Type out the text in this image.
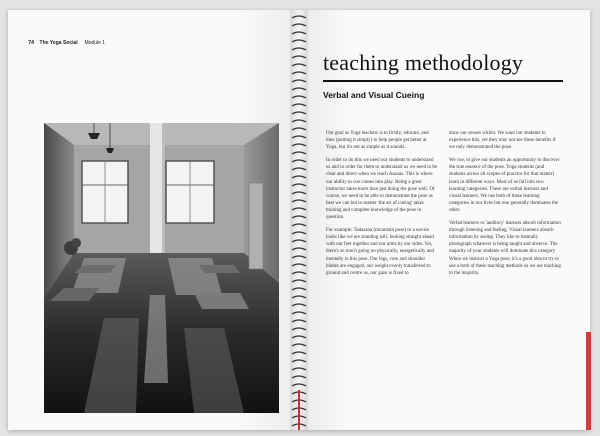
74 The Yoga Social Module 1
teaching methodology
Verbal and Visual Cueing

Our goal as Yoga teachers is to firstly; educate, and then (putting it simply) to help people get better at Yoga, but it's not as simple as it sounds.

In order to do this we need our students to understand us and in order for them to understand us we need to be clear and direct when we teach Asanas. This is where our ability to cue comes into play. Being a great instructor takes more than just doing the pose well. Of course, we need to be able to demonstrate the pose as best we can but to master 'the art of cueing' takes training and complete knowledge of the pose in question.

For example: Tadasana (mountain pose) to a novice looks like we are standing still, looking straight ahead with our feet together and our arms by our sides. Yet, there's so much going on physically, energetically and mentally in this pose. Our legs, core and shoulder blades are engaged, our weight evenly transferred to ground and centre us, our gaze is fixed to

draw our senses within. We want our students to experience this, yet they may not see these benefits if we only demonstrated the pose.

We cue, to give our students an opportunity to discover the true essence of the pose. Yoga students (and students across all scopes of practice for that matter) learn in different ways. Most of us fall into two learning categories. These are verbal learners and visual learners. We use both of these learning categories in our lives but one generally dominates the other.

Verbal learners or 'auditory' learners absorb information through listening and feeling. Visual learners absorb information by seeing. They like to mentally photograph whatever is being taught and observe. The majority of your students will dominate this category When we instruct a Yoga pose, it's a good idea to try to use a both of these teaching methods so we are teaching to the majority.
